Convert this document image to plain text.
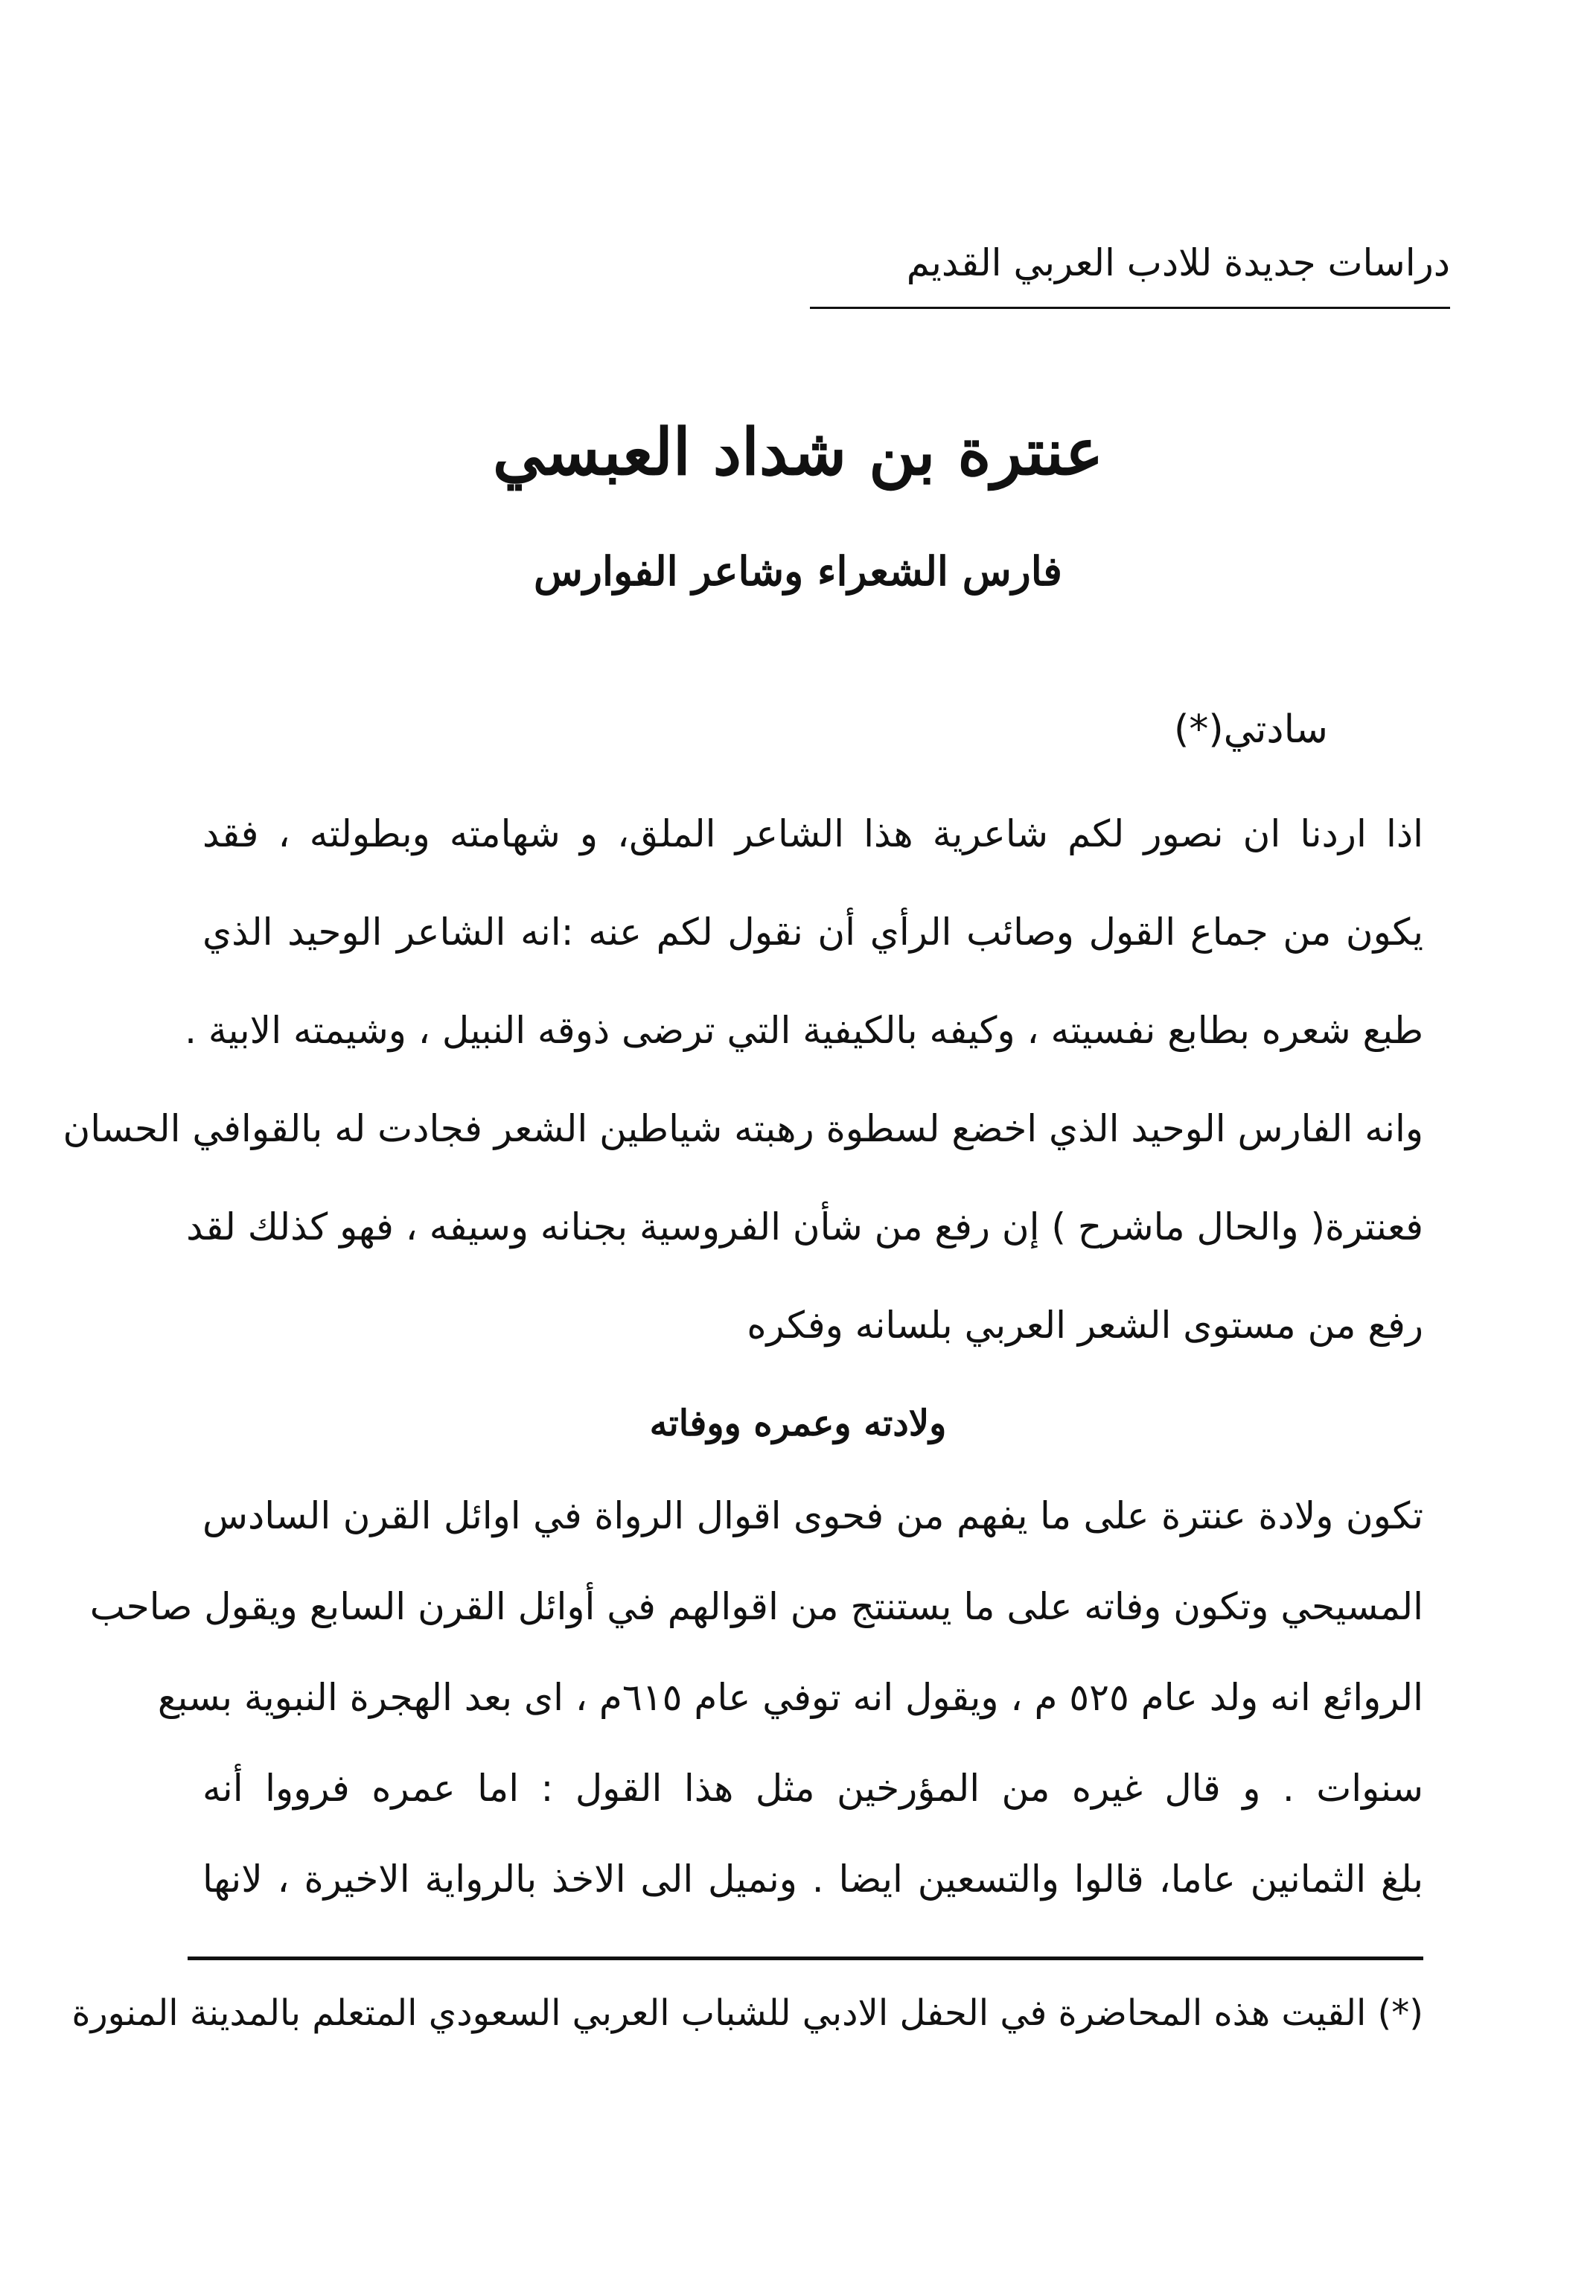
دراسات جديدة للادب العربي القديم
عنترة بن شداد العبسي
فارس الشعراء وشاعر الفوارس
سادتي(*)
اذا اردنا ان نصور لكم شاعرية هذا الشاعر الملق، و شهامته وبطولته ، فقد
يكون من جماع القول وصائب الرأي أن نقول لكم عنه :انه الشاعر الوحيد الذي
طبع شعره بطابع نفسيته ، وكيفه بالكيفية التي ترضى ذوقه النبيل ، وشيمته الابية .
وانه الفارس الوحيد الذي اخضع لسطوة رهبته شياطين الشعر فجادت له بالقوافي الحسان
فعنترة( والحال ماشرح ) إن رفع من شأن الفروسية بجنانه وسيفه ، فهو كذلك لقد
رفع من مستوى الشعر العربي بلسانه وفكره
ولادته وعمره ووفاته
تكون ولادة عنترة على ما يفهم من فحوى اقوال الرواة في اوائل القرن السادس
المسيحي وتكون وفاته على ما يستنتج من اقوالهم في أوائل القرن السابع ويقول صاحب
الروائع انه ولد عام ٥٢٥ م ، ويقول انه توفي عام ٦١٥م ، اى بعد الهجرة النبوية بسبع
سنوات . و قال غيره من المؤرخين مثل هذا القول : اما عمره فرووا أنه
بلغ الثمانين عاما، قالوا والتسعين ايضا . ونميل الى الاخذ بالرواية الاخيرة ، لانها
(*) القيت هذه المحاضرة في الحفل الادبي للشباب العربي السعودي المتعلم بالمدينة المنورة
